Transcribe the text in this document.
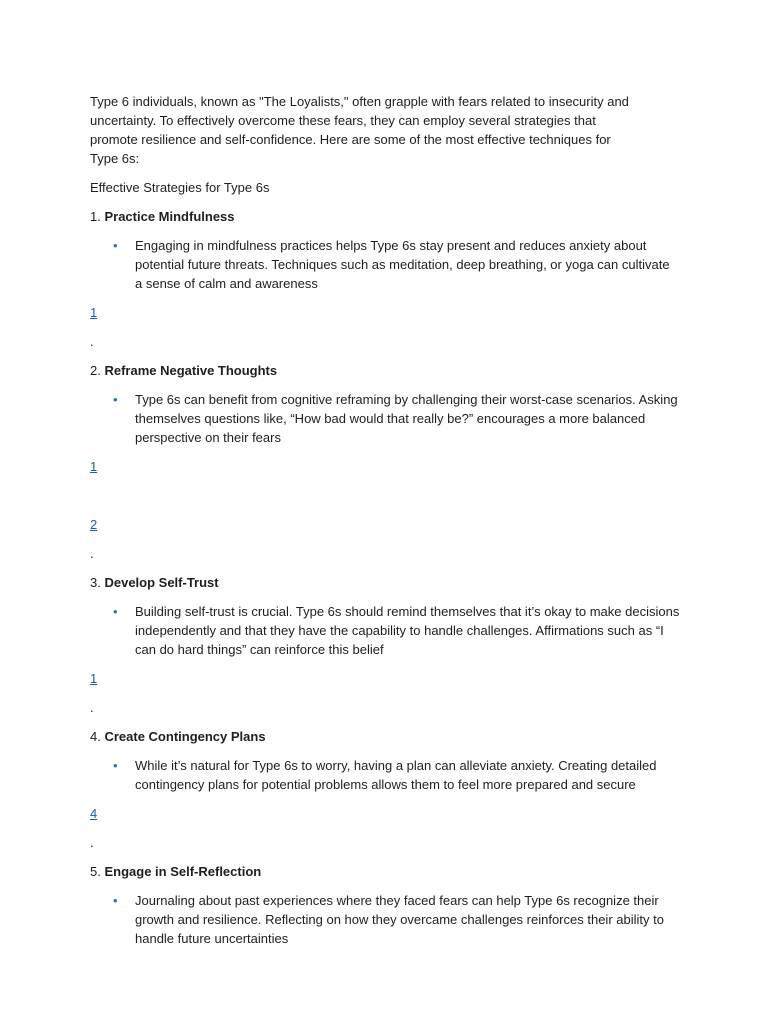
Type 6 individuals, known as "The Loyalists," often grapple with fears related to insecurity and uncertainty. To effectively overcome these fears, they can employ several strategies that promote resilience and self-confidence. Here are some of the most effective techniques for Type 6s:

Effective Strategies for Type 6s

1. Practice Mindfulness

• Engaging in mindfulness practices helps Type 6s stay present and reduces anxiety about potential future threats. Techniques such as meditation, deep breathing, or yoga can cultivate a sense of calm and awareness
1
.

2. Reframe Negative Thoughts

• Type 6s can benefit from cognitive reframing by challenging their worst-case scenarios. Asking themselves questions like, “How bad would that really be?” encourages a more balanced perspective on their fears
1
2
.

3. Develop Self-Trust

• Building self-trust is crucial. Type 6s should remind themselves that it’s okay to make decisions independently and that they have the capability to handle challenges. Affirmations such as “I can do hard things” can reinforce this belief
1
.

4. Create Contingency Plans

• While it’s natural for Type 6s to worry, having a plan can alleviate anxiety. Creating detailed contingency plans for potential problems allows them to feel more prepared and secure
4
.

5. Engage in Self-Reflection

• Journaling about past experiences where they faced fears can help Type 6s recognize their growth and resilience. Reflecting on how they overcame challenges reinforces their ability to handle future uncertainties
